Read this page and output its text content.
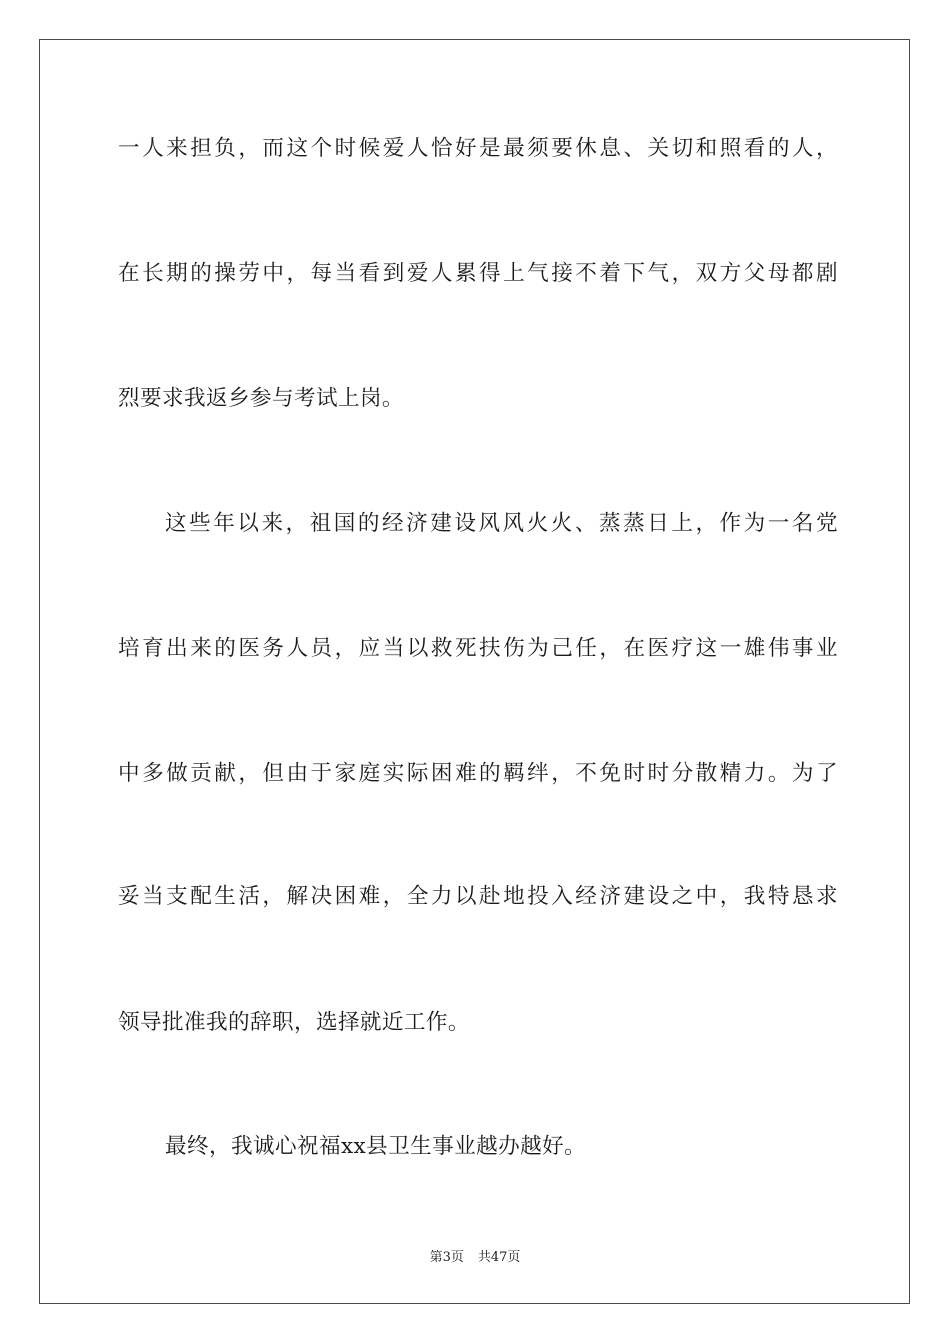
一人来担负，而这个时候爱人恰好是最须要休息、关切和照看的人，
在长期的操劳中，每当看到爱人累得上气接不着下气，双方父母都剧
烈要求我返乡参与考试上岗。
这些年以来，祖国的经济建设风风火火、蒸蒸日上，作为一名党
培育出来的医务人员，应当以救死扶伤为己任，在医疗这一雄伟事业
中多做贡献，但由于家庭实际困难的羁绊，不免时时分散精力。为了
妥当支配生活，解决困难，全力以赴地投入经济建设之中，我特恳求
领导批准我的辞职，选择就近工作。
最终，我诚心祝福xx县卫生事业越办越好。
第3页 共47页
